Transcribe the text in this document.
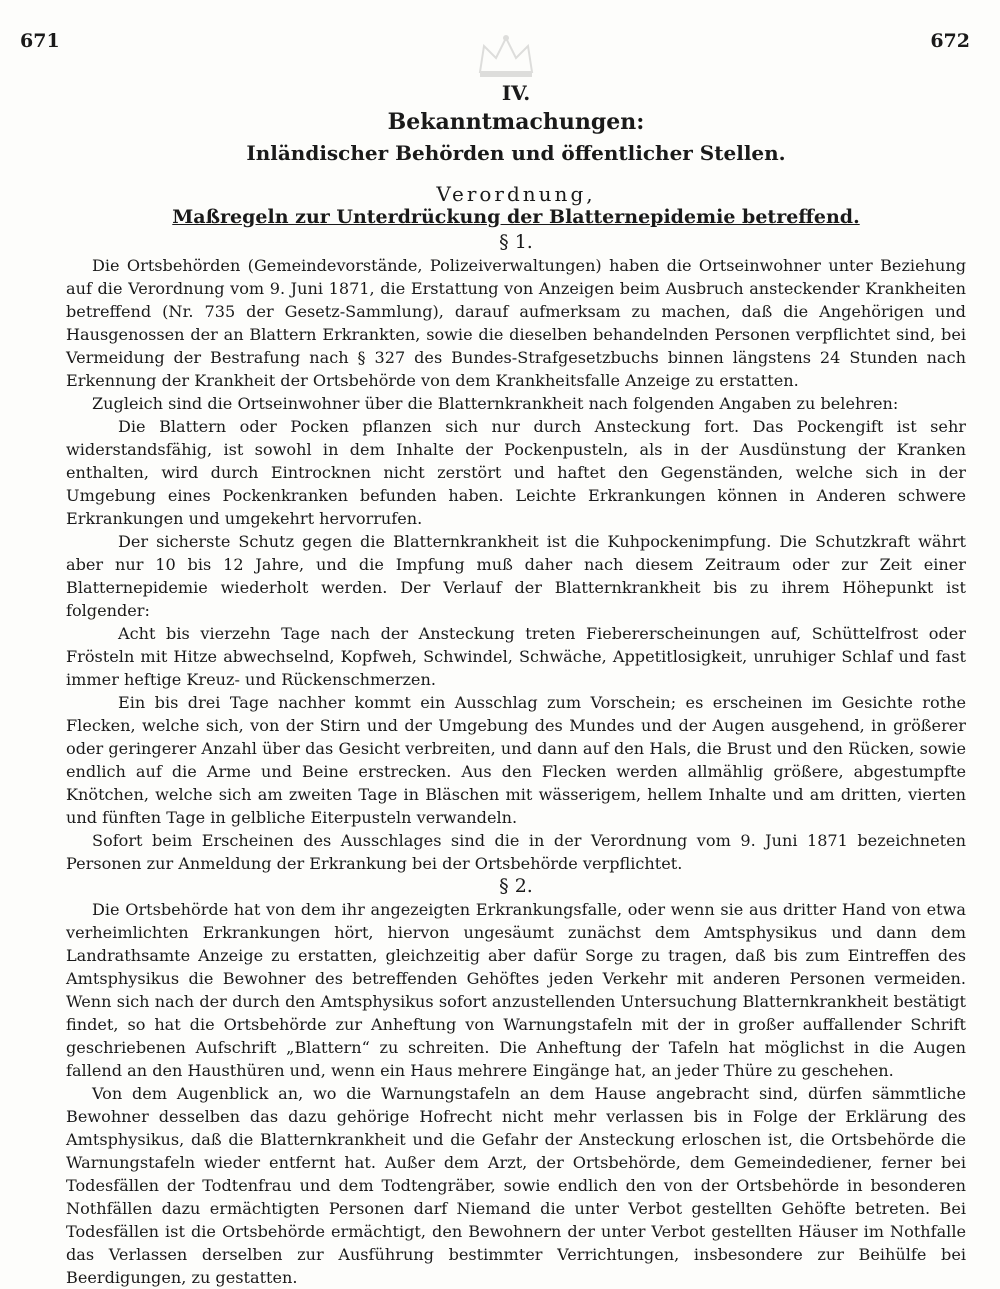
671	672

IV.

Bekanntmachungen:

Inländischer Behörden und öffentlicher Stellen.

Verordnung,

Maßregeln zur Unterdrückung der Blatternepidemie betreffend.

§ 1.

Die Ortsbehörden (Gemeindevorstände, Polizeiverwaltungen) haben die Ortseinwohner unter Beziehung auf die Verordnung vom 9. Juni 1871, die Erstattung von Anzeigen beim Ausbruch ansteckender Krankheiten betreffend (Nr. 735 der Gesetz-Sammlung), darauf aufmerksam zu machen, daß die Angehörigen und Hausgenossen der an Blattern Erkrankten, sowie die dieselben behandelnden Personen verpflichtet sind, bei Vermeidung der Bestrafung nach § 327 des Bundes-Strafgesetzbuchs binnen längstens 24 Stunden nach Erkennung der Krankheit der Ortsbehörde von dem Krankheitsfalle Anzeige zu erstatten.

Zugleich sind die Ortseinwohner über die Blatternkrankheit nach folgenden Angaben zu belehren:

Die Blattern oder Pocken pflanzen sich nur durch Ansteckung fort. Das Pockengift ist sehr widerstandsfähig, ist sowohl in dem Inhalte der Pockenpusteln, als in der Ausdünstung der Kranken enthalten, wird durch Eintrocknen nicht zerstört und haftet den Gegenständen, welche sich in der Umgebung eines Pockenkranken befunden haben. Leichte Erkrankungen können in Anderen schwere Erkrankungen und umgekehrt hervorrufen.

Der sicherste Schutz gegen die Blatternkrankheit ist die Kuhpockenimpfung. Die Schutzkraft währt aber nur 10 bis 12 Jahre, und die Impfung muß daher nach diesem Zeitraum oder zur Zeit einer Blatternepidemie wiederholt werden. Der Verlauf der Blatternkrankheit bis zu ihrem Höhepunkt ist folgender:

Acht bis vierzehn Tage nach der Ansteckung treten Fiebererscheinungen auf, Schüttelfrost oder Frösteln mit Hitze abwechselnd, Kopfweh, Schwindel, Schwäche, Appetitlosigkeit, unruhiger Schlaf und fast immer heftige Kreuz- und Rückenschmerzen.

Ein bis drei Tage nachher kommt ein Ausschlag zum Vorschein; es erscheinen im Gesichte rothe Flecken, welche sich, von der Stirn und der Umgebung des Mundes und der Augen ausgehend, in größerer oder geringerer Anzahl über das Gesicht verbreiten, und dann auf den Hals, die Brust und den Rücken, sowie endlich auf die Arme und Beine erstrecken. Aus den Flecken werden allmählig größere, abgestumpfte Knötchen, welche sich am zweiten Tage in Bläschen mit wässerigem, hellem Inhalte und am dritten, vierten und fünften Tage in gelbliche Eiterpusteln verwandeln.

Sofort beim Erscheinen des Ausschlages sind die in der Verordnung vom 9. Juni 1871 bezeichneten Personen zur Anmeldung der Erkrankung bei der Ortsbehörde verpflichtet.

§ 2.

Die Ortsbehörde hat von dem ihr angezeigten Erkrankungsfalle, oder wenn sie aus dritter Hand von etwa verheimlichten Erkrankungen hört, hiervon ungesäumt zunächst dem Amtsphysikus und dann dem Landrathsamte Anzeige zu erstatten, gleichzeitig aber dafür Sorge zu tragen, daß bis zum Eintreffen des Amtsphysikus die Bewohner des betreffenden Gehöftes jeden Verkehr mit anderen Personen vermeiden. Wenn sich nach der durch den Amtsphysikus sofort anzustellenden Untersuchung Blatternkrankheit bestätigt findet, so hat die Ortsbehörde zur Anheftung von Warnungstafeln mit der in großer auffallender Schrift geschriebenen Aufschrift „Blattern“ zu schreiten. Die Anheftung der Tafeln hat möglichst in die Augen fallend an den Hausthüren und, wenn ein Haus mehrere Eingänge hat, an jeder Thüre zu geschehen.

Von dem Augenblick an, wo die Warnungstafeln an dem Hause angebracht sind, dürfen sämmtliche Bewohner desselben das dazu gehörige Hofrecht nicht mehr verlassen bis in Folge der Erklärung des Amtsphysikus, daß die Blatternkrankheit und die Gefahr der Ansteckung erloschen ist, die Ortsbehörde die Warnungstafeln wieder entfernt hat. Außer dem Arzt, der Ortsbehörde, dem Gemeindediener, ferner bei Todesfällen der Todtenfrau und dem Todtengräber, sowie endlich den von der Ortsbehörde in besonderen Nothfällen dazu ermächtigten Personen darf Niemand die unter Verbot gestellten Gehöfte betreten. Bei Todesfällen ist die Ortsbehörde ermächtigt, den Bewohnern der unter Verbot gestellten Häuser im Nothfalle das Verlassen derselben zur Ausführung bestimmter Verrichtungen, insbesondere zur Beihülfe bei Beerdigungen, zu gestatten.
